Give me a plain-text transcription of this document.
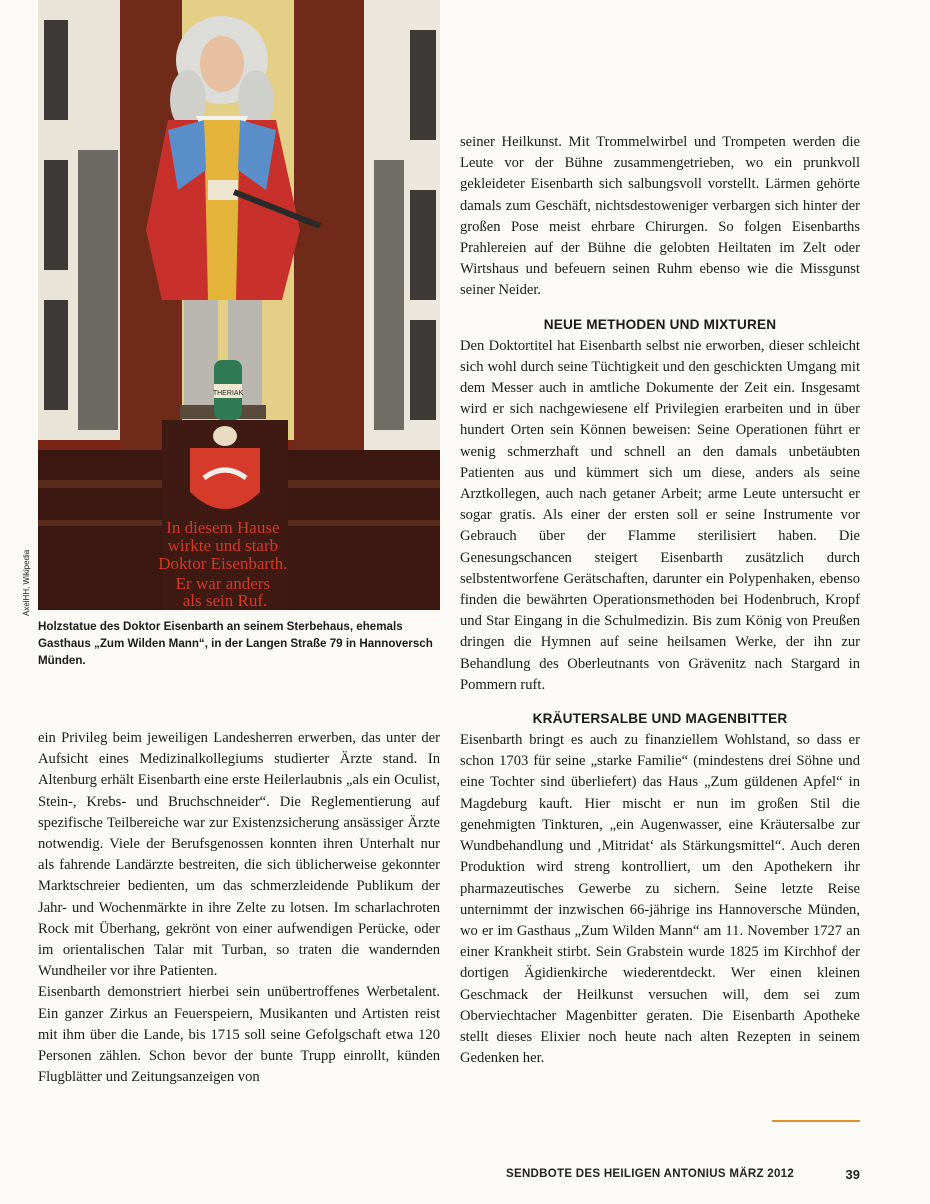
THERIAK
In diesem Hause wirkte und starb Doktor Eisenbarth. Er war anders als sein Ruf.
AxelHH, Wikipedia
Holzstatue des Doktor Eisenbarth an seinem Sterbehaus, ehemals Gasthaus „Zum Wilden Mann“, in der Langen Straße 79 in Hannoversch Münden.

ein Privileg beim jeweiligen Landesherren erwerben, das unter der Aufsicht eines Medizinalkollegiums studierter Ärzte stand. In Altenburg erhält Eisenbarth eine erste Heilerlaubnis „als ein Oculist, Stein-, Krebs- und Bruchschneider“. Die Reglementierung auf spezifische Teilbereiche war zur Existenzsicherung ansässiger Ärzte notwendig. Viele der Berufsgenossen konnten ihren Unterhalt nur als fahrende Landärzte bestreiten, die sich üblicherweise gekonnter Marktschreier bedienten, um das schmerzleidende Publikum der Jahr- und Wochenmärkte in ihre Zelte zu lotsen. Im scharlachroten Rock mit Überhang, gekrönt von einer aufwendigen Perücke, oder im orientalischen Talar mit Turban, so traten die wandernden Wundheiler vor ihre Patienten.

Eisenbarth demonstriert hierbei sein unübertroffenes Werbetalent. Ein ganzer Zirkus an Feuerspeiern, Musikanten und Artisten reist mit ihm über die Lande, bis 1715 soll seine Gefolgschaft etwa 120 Personen zählen. Schon bevor der bunte Trupp einrollt, künden Flugblätter und Zeitungsanzeigen von

seiner Heilkunst. Mit Trommelwirbel und Trompeten werden die Leute vor der Bühne zusammengetrieben, wo ein prunkvoll gekleideter Eisenbarth sich salbungsvoll vorstellt. Lärmen gehörte damals zum Geschäft, nichtsdestoweniger verbargen sich hinter der großen Pose meist ehrbare Chirurgen. So folgen Eisenbarths Prahlereien auf der Bühne die gelobten Heiltaten im Zelt oder Wirtshaus und befeuern seinen Ruhm ebenso wie die Missgunst seiner Neider.

NEUE METHODEN UND MIXTUREN

Den Doktortitel hat Eisenbarth selbst nie erworben, dieser schleicht sich wohl durch seine Tüchtigkeit und den geschickten Umgang mit dem Messer auch in amtliche Dokumente der Zeit ein. Insgesamt wird er sich nachgewiesene elf Privilegien erarbeiten und in über hundert Orten sein Können beweisen: Seine Operationen führt er wenig schmerzhaft und schnell an den damals unbetäubten Patienten aus und kümmert sich um diese, anders als seine Arztkollegen, auch nach getaner Arbeit; arme Leute untersucht er sogar gratis. Als einer der ersten soll er seine Instrumente vor Gebrauch über der Flamme sterilisiert haben. Die Genesungschancen steigert Eisenbarth zusätzlich durch selbstentworfene Gerätschaften, darunter ein Polypenhaken, ebenso finden die bewährten Operationsmethoden bei Hodenbruch, Kropf und Star Eingang in die Schulmedizin. Bis zum König von Preußen dringen die Hymnen auf seine heilsamen Werke, der ihn zur Behandlung des Oberleutnants von Grävenitz nach Stargard in Pommern ruft.

KRÄUTERSALBE UND MAGENBITTER

Eisenbarth bringt es auch zu finanziellem Wohlstand, so dass er schon 1703 für seine „starke Familie“ (mindestens drei Söhne und eine Tochter sind überliefert) das Haus „Zum güldenen Apfel“ in Magdeburg kauft. Hier mischt er nun im großen Stil die genehmigten Tinkturen, „ein Augenwasser, eine Kräutersalbe zur Wundbehandlung und ‚Mitridat‘ als Stärkungsmittel“. Auch deren Produktion wird streng kontrolliert, um den Apothekern ihr pharmazeutisches Gewerbe zu sichern. Seine letzte Reise unternimmt der inzwischen 66-jährige ins Hannoversche Münden, wo er im Gasthaus „Zum Wilden Mann“ am 11. November 1727 an einer Krankheit stirbt. Sein Grabstein wurde 1825 im Kirchhof der dortigen Ägidienkirche wiederentdeckt. Wer einen kleinen Geschmack der Heilkunst versuchen will, dem sei zum Oberviechtacher Magenbitter geraten. Die Eisenbarth Apotheke stellt dieses Elixier noch heute nach alten Rezepten in seinem Gedenken her.

SENDBOTE DES HEILIGEN ANTONIUS MÄRZ 2012	39
